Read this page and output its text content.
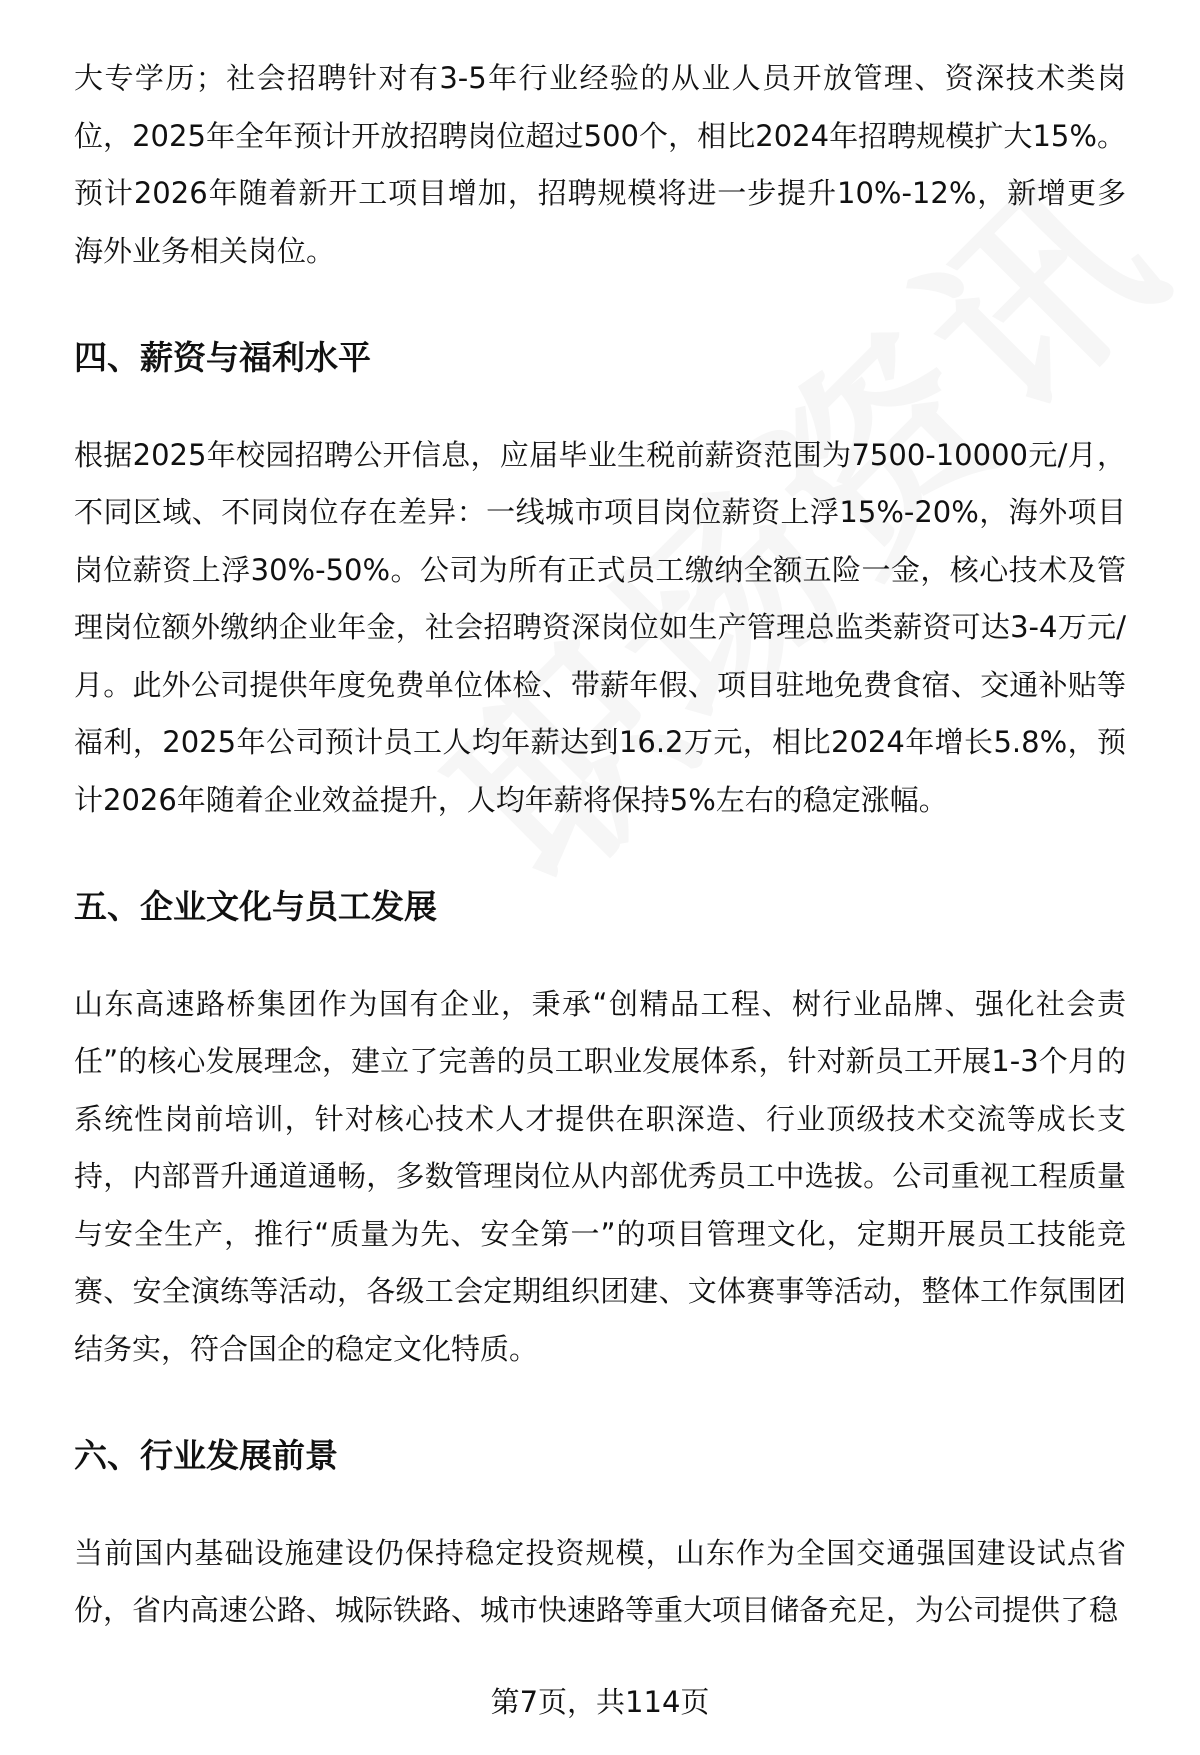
大专学历；社会招聘针对有3-5年行业经验的从业人员开放管理、资深技术类岗位，2025年全年预计开放招聘岗位超过500个，相比2024年招聘规模扩大15%。预计2026年随着新开工项目增加，招聘规模将进一步提升10%-12%，新增更多海外业务相关岗位。

四、薪资与福利水平

根据2025年校园招聘公开信息，应届毕业生税前薪资范围为7500-10000元/月，不同区域、不同岗位存在差异：一线城市项目岗位薪资上浮15%-20%，海外项目岗位薪资上浮30%-50%。公司为所有正式员工缴纳全额五险一金，核心技术及管理岗位额外缴纳企业年金，社会招聘资深岗位如生产管理总监类薪资可达3-4万元/月。此外公司提供年度免费单位体检、带薪年假、项目驻地免费食宿、交通补贴等福利，2025年公司预计员工人均年薪达到16.2万元，相比2024年增长5.8%，预计2026年随着企业效益提升，人均年薪将保持5%左右的稳定涨幅。

五、企业文化与员工发展

山东高速路桥集团作为国有企业，秉承“创精品工程、树行业品牌、强化社会责任”的核心发展理念，建立了完善的员工职业发展体系，针对新员工开展1-3个月的系统性岗前培训，针对核心技术人才提供在职深造、行业顶级技术交流等成长支持，内部晋升通道通畅，多数管理岗位从内部优秀员工中选拔。公司重视工程质量与安全生产，推行“质量为先、安全第一”的项目管理文化，定期开展员工技能竞赛、安全演练等活动，各级工会定期组织团建、文体赛事等活动，整体工作氛围团结务实，符合国企的稳定文化特质。

六、行业发展前景

当前国内基础设施建设仍保持稳定投资规模，山东作为全国交通强国建设试点省份，省内高速公路、城际铁路、城市快速路等重大项目储备充足，为公司提供了稳

第7页，共114页
